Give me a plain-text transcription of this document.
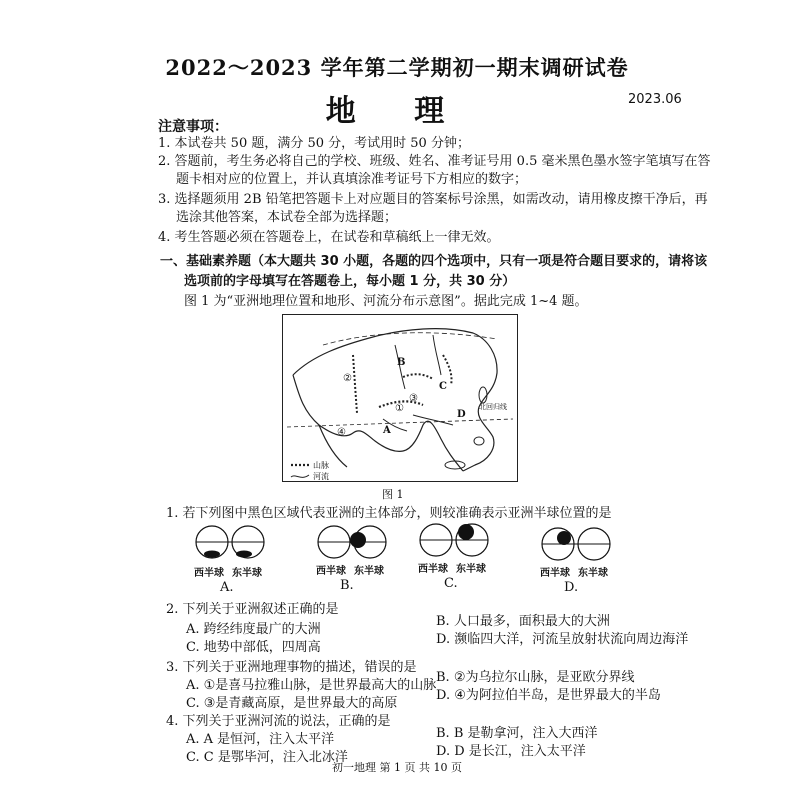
2022～2023 学年第二学期初一期末调研试卷
地 理	2023.06
注意事项：
1. 本试卷共 50 题，满分 50 分，考试用时 50 分钟；
2. 答题前，考生务必将自己的学校、班级、姓名、准考证号用 0.5 毫米黑色墨水签字笔填写在答
题卡相对应的位置上，并认真填涂准考证号下方相应的数字；
3. 选择题须用 2B 铅笔把答题卡上对应题目的答案标号涂黑，如需改动，请用橡皮擦干净后，再
选涂其他答案，本试卷全部为选择题；
4. 考生答题必须在答题卷上，在试卷和草稿纸上一律无效。
一、基础素养题（本大题共 30 小题，各题的四个选项中，只有一项是符合题目要求的，请将该
选项前的字母填写在答题卷上，每小题 1 分，共 30 分）
图 1 为“亚洲地理位置和地形、河流分布示意图”。据此完成 1~4 题。
B
D
A
C
①
②
③
④
北回归线
山脉
河流
图 1
1. 若下列图中黑色区域代表亚洲的主体部分，则较准确表示亚洲半球位置的是
西半球 东半球
A.
西半球 东半球
B.
西半球 东半球
C.
西半球 东半球
D.
2. 下列关于亚洲叙述正确的是
A. 跨经纬度最广的大洲
B. 人口最多，面积最大的大洲
C. 地势中部低，四周高
D. 濒临四大洋，河流呈放射状流向周边海洋
3. 下列关于亚洲地理事物的描述，错误的是
A. ①是喜马拉雅山脉，是世界最高大的山脉
B. ②为乌拉尔山脉，是亚欧分界线
C. ③是青藏高原，是世界最大的高原
D. ④为阿拉伯半岛，是世界最大的半岛
4. 下列关于亚洲河流的说法，正确的是
A. A 是恒河，注入太平洋	B. B 是勒拿河，注入大西洋
C. C 是鄂毕河，注入北冰洋	D. D 是长江，注入太平洋
初一地理 第 1 页 共 10 页
